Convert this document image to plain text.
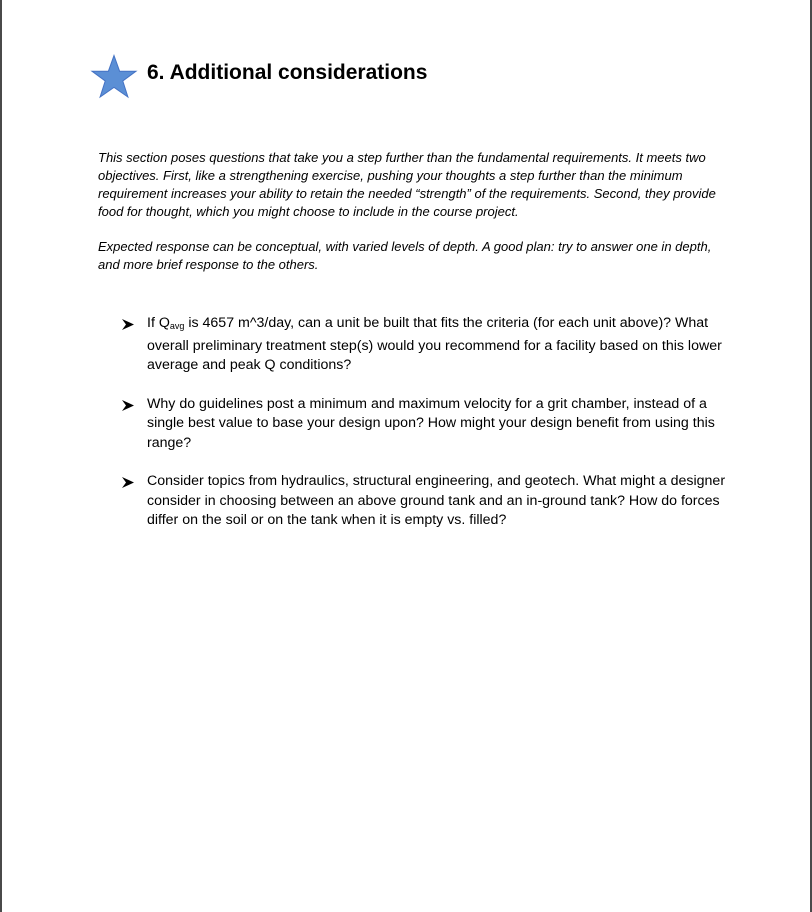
6. Additional considerations

This section poses questions that take you a step further than the fundamental requirements. It meets two objectives. First, like a strengthening exercise, pushing your thoughts a step further than the minimum requirement increases your ability to retain the needed “strength” of the requirements. Second, they provide food for thought, which you might choose to include in the course project.

Expected response can be conceptual, with varied levels of depth. A good plan: try to answer one in depth, and more brief response to the others.

If $Q_{avg}$ is 4657 m^3/day, can a unit be built that fits the criteria (for each unit above)? What overall preliminary treatment step(s) would you recommend for a facility based on this lower average and peak Q conditions?
Why do guidelines post a minimum and maximum velocity for a grit chamber, instead of a single best value to base your design upon? How might your design benefit from using this range?
Consider topics from hydraulics, structural engineering, and geotech. What might a designer consider in choosing between an above ground tank and an in-ground tank? How do forces differ on the soil or on the tank when it is empty vs. filled?
